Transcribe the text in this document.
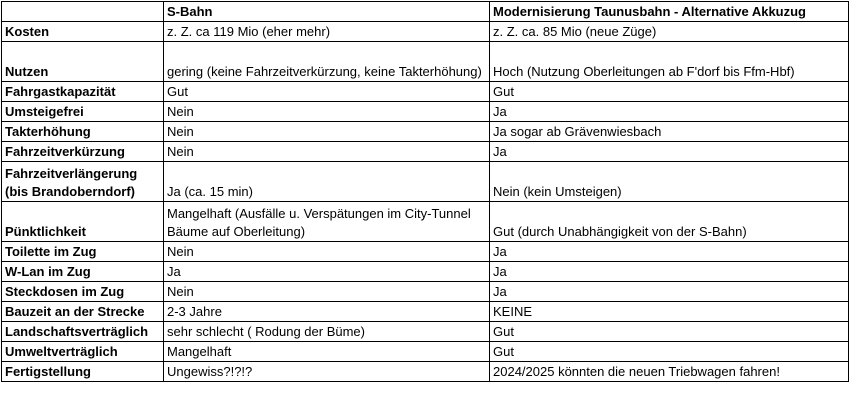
	S-Bahn	Modernisierung Taunusbahn - Alternative Akkuzug
Kosten	z. Z. ca 119 Mio (eher mehr)	z. Z. ca. 85 Mio (neue Züge)
Nutzen	gering (keine Fahrzeitverkürzung, keine Takterhöhung)	Hoch (Nutzung Oberleitungen ab F'dorf bis Ffm-Hbf)
Fahrgastkapazität	Gut	Gut
Umsteigefrei	Nein	Ja
Takterhöhung	Nein	Ja sogar ab Grävenwiesbach
Fahrzeitverkürzung	Nein	Ja
Fahrzeitverlängerung (bis Brandoberndorf)	Ja (ca. 15 min)	Nein (kein Umsteigen)
Pünktlichkeit	Mangelhaft (Ausfälle u. Verspätungen im City-Tunnel Bäume auf Oberleitung)	Gut (durch Unabhängigkeit von der S-Bahn)
Toilette im Zug	Nein	Ja
W-Lan im Zug	Ja	Ja
Steckdosen im Zug	Nein	Ja
Bauzeit an der Strecke	2-3 Jahre	KEINE
Landschaftsverträglich	sehr schlecht ( Rodung der Büme)	Gut
Umweltverträglich	Mangelhaft	Gut
Fertigstellung	Ungewiss?!?!?	2024/2025 könnten die neuen Triebwagen fahren!
